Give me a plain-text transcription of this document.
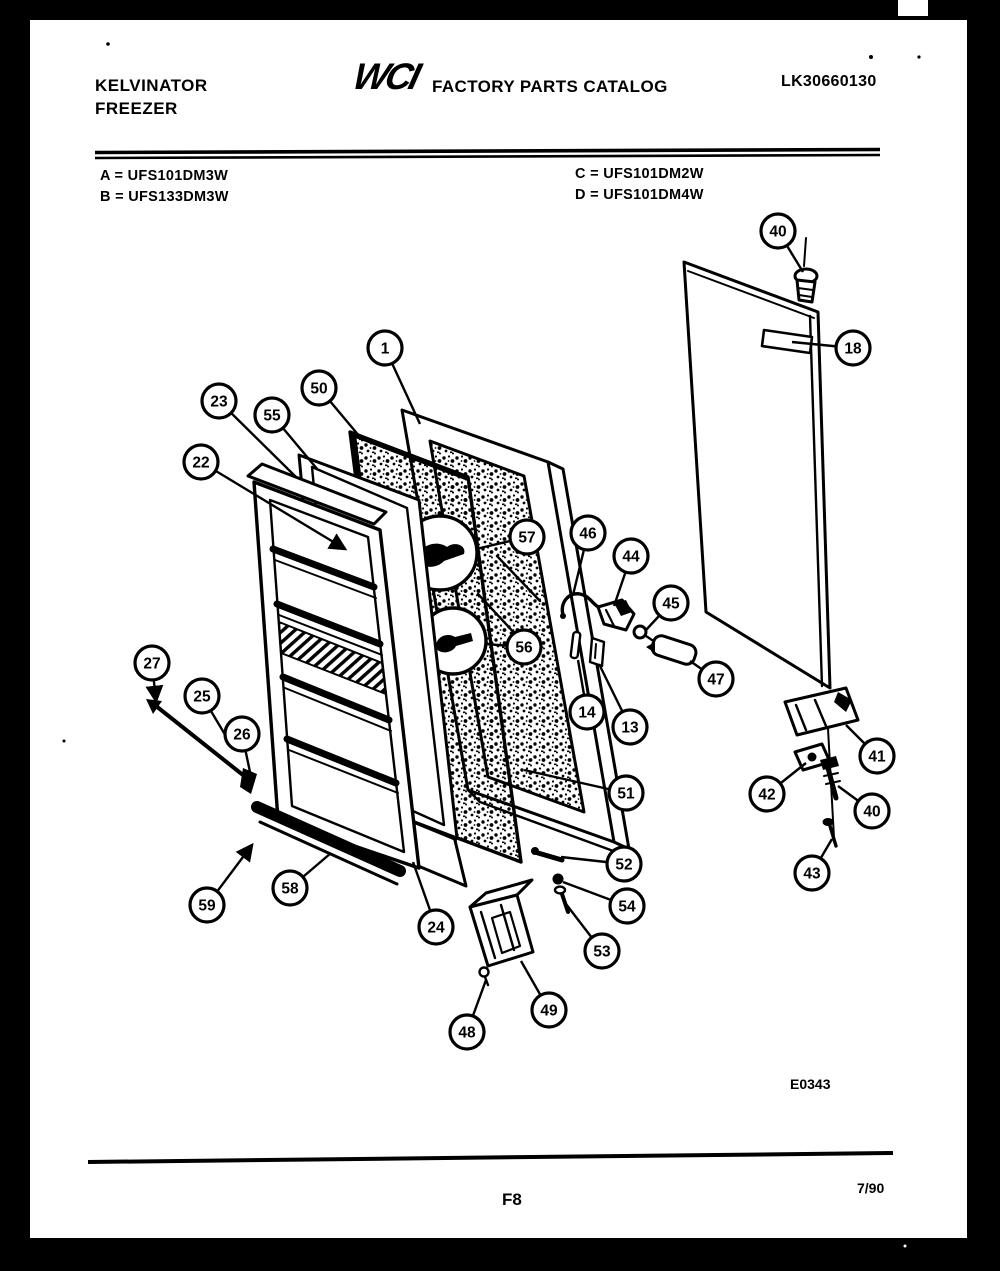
KELVINATOR
FREEZER
WCI FACTORY PARTS CATALOG	LK30660130
A = UFS101DM3W
B = UFS133DM3W
C = UFS101DM2W
D = UFS101DM4W
E0343
F8
7/90
1
50
23
55
22
57	46
44
45
56
47
14
13
27
25
26
51
52
54
53
59
58
24
49
48
40
18
41
42
40
43
